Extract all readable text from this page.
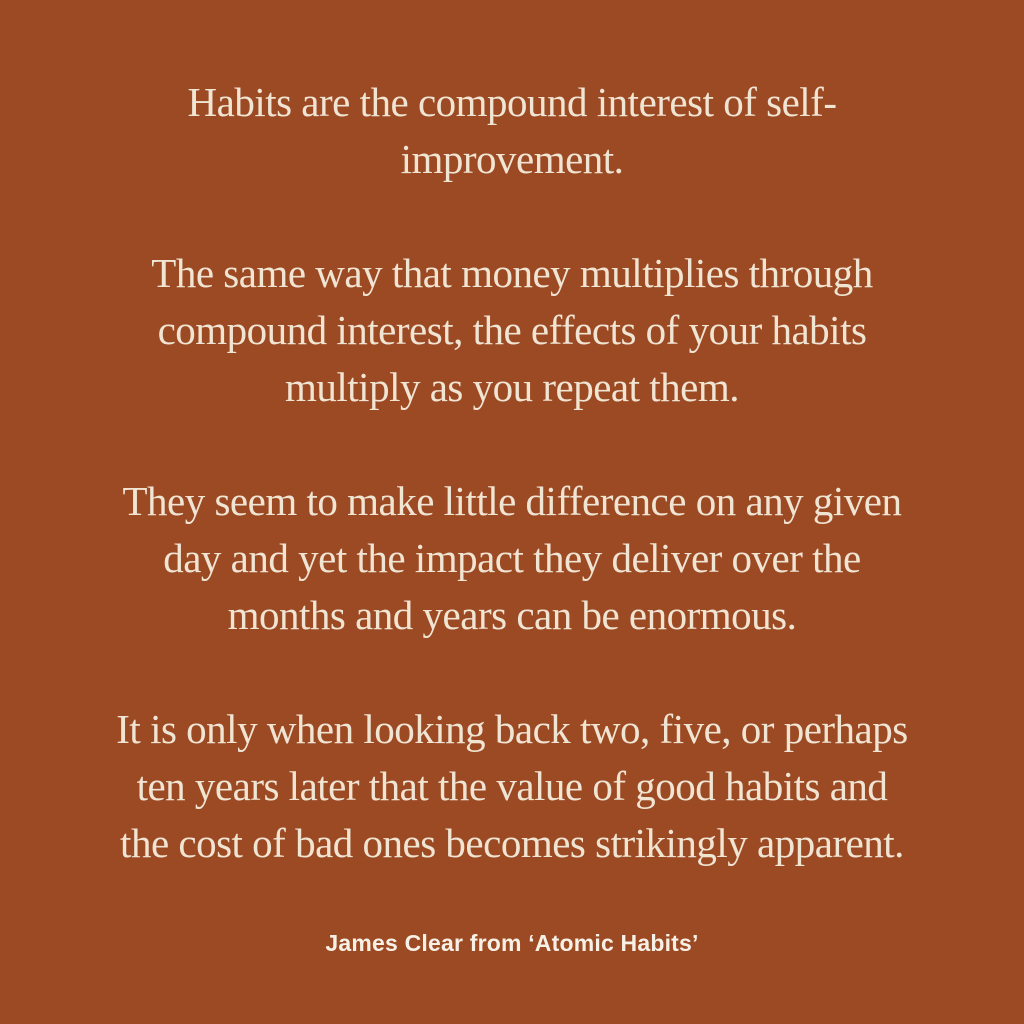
Habits are the compound interest of self-
improvement.
The same way that money multiplies through
compound interest, the effects of your habits
multiply as you repeat them.
They seem to make little difference on any given
day and yet the impact they deliver over the
months and years can be enormous.
It is only when looking back two, five, or perhaps
ten years later that the value of good habits and
the cost of bad ones becomes strikingly apparent.
James Clear from ‘Atomic Habits’
